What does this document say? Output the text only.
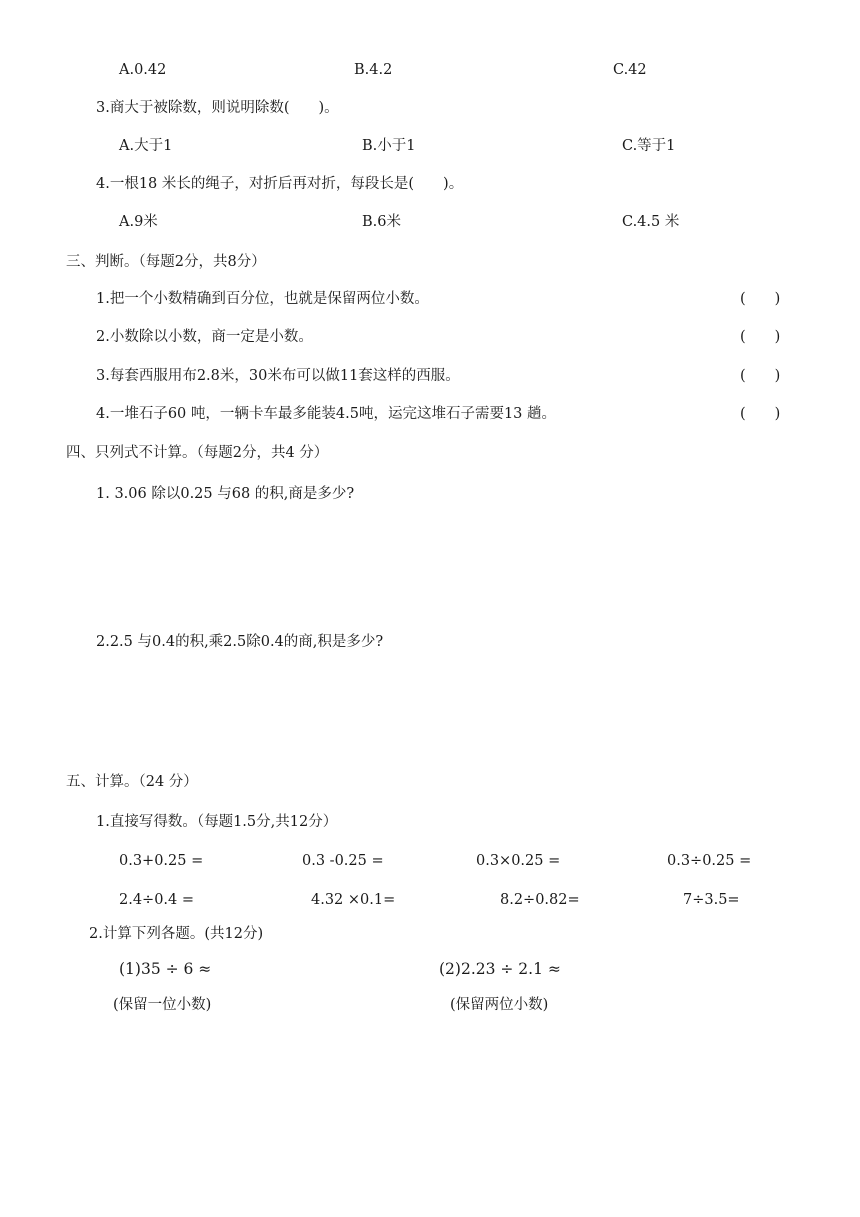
A.0.42	B.4.2	C.42
3.商大于被除数，则说明除数(　　)。
A.大于1	B.小于1	C.等于1
4.一根18 米长的绳子，对折后再对折，每段长是(　　)。
A.9米	B.6米	C.4.5 米
三、判断。（每题2分，共8分）
1.把一个小数精确到百分位，也就是保留两位小数。	(　　)
2.小数除以小数，商一定是小数。	(　　)
3.每套西服用布2.8米，30米布可以做11套这样的西服。	(　　)
4.一堆石子60 吨，一辆卡车最多能装4.5吨，运完这堆石子需要13 趟。	(　　)
四、只列式不计算。（每题2分，共4 分）
1. 3.06 除以0.25 与68 的积,商是多少?
2.2.5 与0.4的积,乘2.5除0.4的商,积是多少?
五、计算。（24 分）
1.直接写得数。（每题1.5分,共12分）
0.3+0.25 =	0.3 -0.25 =	0.3×0.25 =	0.3÷0.25 =
2.4÷0.4 =	4.32 ×0.1=	8.2÷0.82=	7÷3.5=
2.计算下列各题。(共12分)
(1)35 ÷ 6 ≈
(保留一位小数)
(2)2.23 ÷ 2.1 ≈
(保留两位小数)
